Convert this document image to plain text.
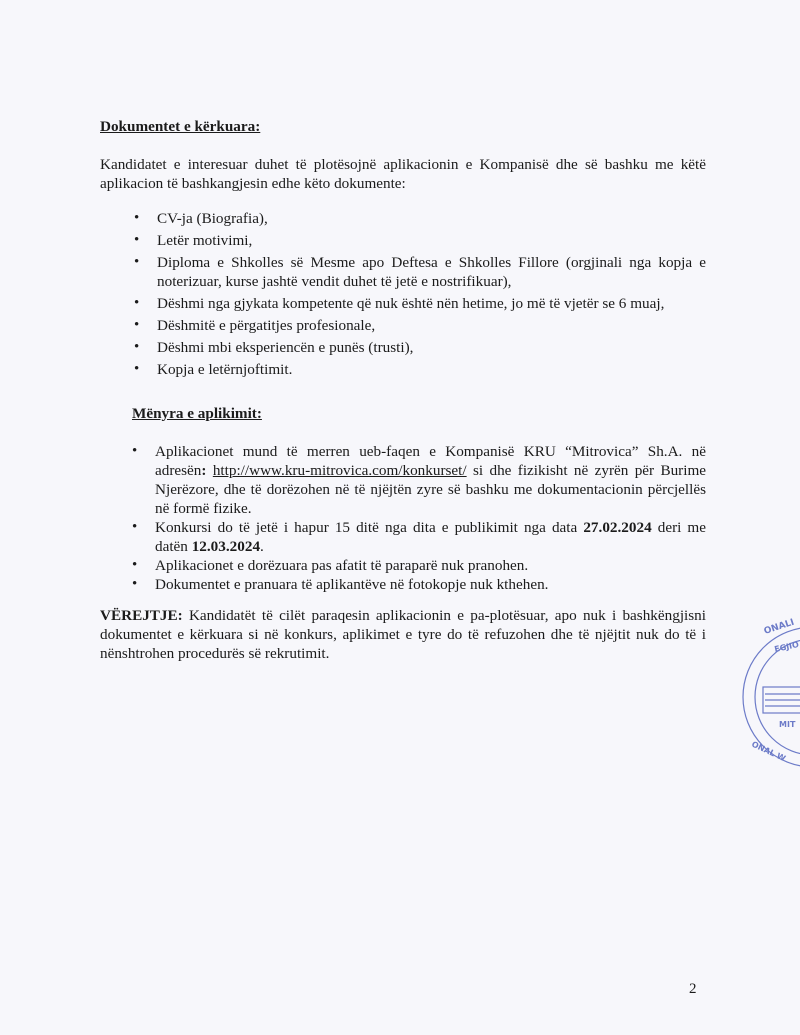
Dokumentet e kërkuara:
Kandidatet e interesuar duhet të plotësojnë aplikacionin e Kompanisë dhe së bashku me këtë aplikacion të bashkangjesin edhe këto dokumente:
• CV-ja (Biografia),
• Letër motivimi,
• Diploma e Shkolles së Mesme apo Deftesa e Shkolles Fillore (orgjinali nga kopja e noterizuar, kurse jashtë vendit duhet të jetë e nostrifikuar),
• Dëshmi nga gjykata kompetente që nuk është nën hetime, jo më të vjetër se 6 muaj,
• Dëshmitë e përgatitjes profesionale,
• Dëshmi mbi eksperiencën e punës (trusti),
• Kopja e letërnjoftimit.
Mënyra e aplikimit:
• Aplikacionet mund të merren ueb-faqen e Kompanisë KRU “Mitrovica” Sh.A. në adresën: http://www.kru-mitrovica.com/konkurset/ si dhe fizikisht në zyrën për Burime Njerëzore, dhe të dorëzohen në të njëjtën zyre së bashku me dokumentacionin përcjellës në formë fizike.
• Konkursi do të jetë i hapur 15 ditë nga dita e publikimit nga data 27.02.2024 deri me datën 12.03.2024.
• Aplikacionet e dorëzuara pas afatit të paraparë nuk pranohen.
• Dokumentet e pranuara të aplikantëve në fotokopje nuk kthehen.
VËREJTJE: Kandidatët të cilët paraqesin aplikacionin e pa-plotësuar, apo nuk i bashkëngjisni dokumentet e kërkuara si në konkurs, aplikimet e tyre do të refuzohen dhe të njëjtit nuk do të i nënshtrohen procedurës së rekrutimit.
ONALI
EGJIO
MIT
ONAL W
2
